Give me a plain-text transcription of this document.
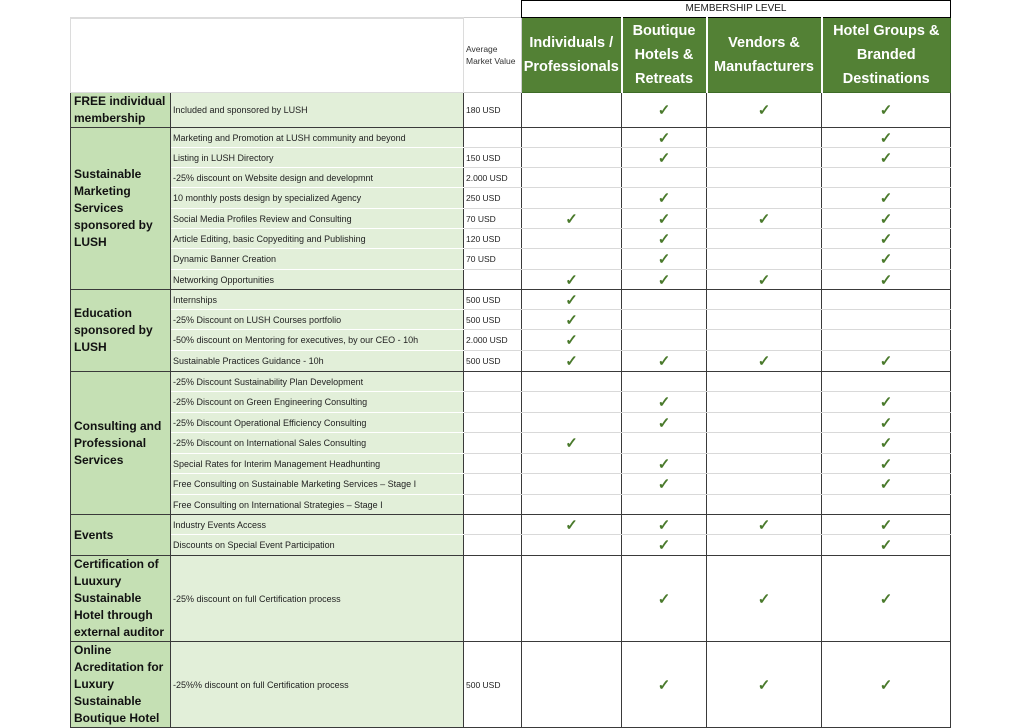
			MEMBERSHIP LEVEL			
		Average Market Value	Individuals / Professionals	Boutique Hotels & Retreats	Vendors & Manufacturers	Hotel Groups & Branded Destinations
FREE individual membership	Included and sponsored by LUSH	180 USD		✓	✓	✓
Sustainable Marketing Services sponsored by LUSH	Marketing and Promotion at LUSH community and beyond			✓		✓
	Listing in LUSH Directory	150 USD		✓		✓
	-25% discount on Website design and developmnt	2.000 USD				
	10 monthly posts design by specialized Agency	250 USD		✓		✓
	Social Media Profiles Review and Consulting	70 USD	✓	✓	✓	✓
	Article Editing, basic Copyediting and Publishing	120 USD		✓		✓
	Dynamic Banner Creation	70 USD		✓		✓
	Networking Opportunities		✓	✓	✓	✓
Education sponsored by LUSH	Internships	500 USD	✓			
	-25% Discount on LUSH Courses portfolio	500 USD	✓			
	-50% discount on Mentoring for executives, by our CEO - 10h	2.000 USD	✓			
	Sustainable Practices Guidance - 10h	500 USD	✓	✓	✓	✓
Consulting and Professional Services	-25% Discount Sustainability Plan Development					
	-25% Discount on Green Engineering Consulting			✓		✓
	-25% Discount Operational Efficiency Consulting			✓		✓
	-25% Discount on International Sales Consulting		✓			✓
	Special Rates for Interim Management Headhunting			✓		✓
	Free Consulting on Sustainable Marketing Services – Stage I			✓		✓
	Free Consulting on International Strategies – Stage I					
Events	Industry Events Access		✓	✓	✓	✓
	Discounts on Special Event Participation			✓		✓
Certification of Luuxury Sustainable Hotel through external auditor	-25% discount on full Certification process			✓	✓	✓
Online Acreditation for Luxury Sustainable Boutique Hotel	-25%% discount on full Certification process	500 USD		✓	✓	✓
